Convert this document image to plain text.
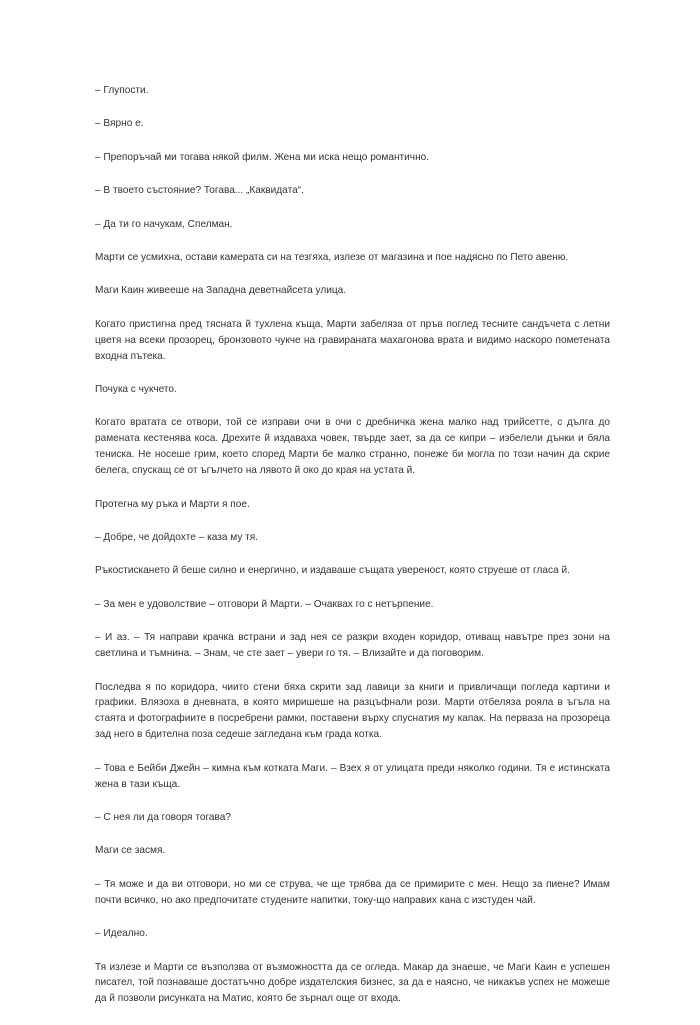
– Глупости.

– Вярно е.

– Препоръчай ми тогава някой филм. Жена ми иска нещо романтично.

– В твоето състояние? Тогава... „Каквидата“.

– Да ти го начукам, Спелман.

Марти се усмихна, остави камерата си на тезгяха, излезе от магазина и пое надясно по Пето авеню.

Маги Каин живееше на Западна деветнайсета улица.

Когато пристигна пред тясната й тухлена къща, Марти забеляза от пръв поглед тесните сандъчета с летни цветя на всеки прозорец, бронзовото чукче на гравираната махагонова врата и видимо наскоро пометената входна пътека.

Почукa с чукчето.

Когато вратата се отвори, той се изправи очи в очи с дребничка жена малко над трийсетте, с дълга до рамената кестенява коса. Дрехите й издаваха човек, твърде зает, за да се кипри – избелели дънки и бяла тениска. Не носеше грим, което според Марти бе малко странно, понеже би могла по този начин да скрие белега, спускащ се от ъгълчето на лявото й око до края на устата й.

Протегна му ръка и Марти я пое.

– Добре, че дойдохте – каза му тя.

Ръкостискането й беше силно и енергично, и издаваше същата увереност, която струеше от гласа й.

– За мен е удоволствие – отговори й Марти. – Очаквах го с нетърпение.

– И аз. – Тя направи крачка встрани и зад нея се разкри входен коридор, отиващ навътре през зони на светлина и тъмнина. – Знам, че сте зает – увери го тя. – Влизайте и да поговорим.

Последва я по коридора, чиито стени бяха скрити зад лавици за книги и привличащи погледа картини и графики. Влязоха в дневната, в която миришеше на разцъфнали рози. Марти отбеляза рояла в ъгъла на стаята и фотографиите в посребрени рамки, поставени върху спуснатия му капак. На первaза на прозореца зад него в бдителна поза седеше загледана към града котка.

– Това е Бейби Джейн – кимна към котката Маги. – Взех я от улицата преди няколко години. Тя е истинската жена в тази къща.

– С нея ли да говоря тогава?

Маги се засмя.

– Тя може и да ви отговори, но ми се струва, че ще трябва да се примирите с мен. Нещо за пиене? Имам почти всичко, но ако предпочитате студените напитки, току-що направих кана с изстуден чай.

– Идеално.

Тя излезе и Марти се възползва от възможността да се огледа. Макар да знаеше, че Маги Каин е успешен писател, той познаваше достатъчно добре издателския бизнес, за да е наясно, че никакъв успех не можеше да й позволи рисунката на Матис, която бе зърнал още от входа.
